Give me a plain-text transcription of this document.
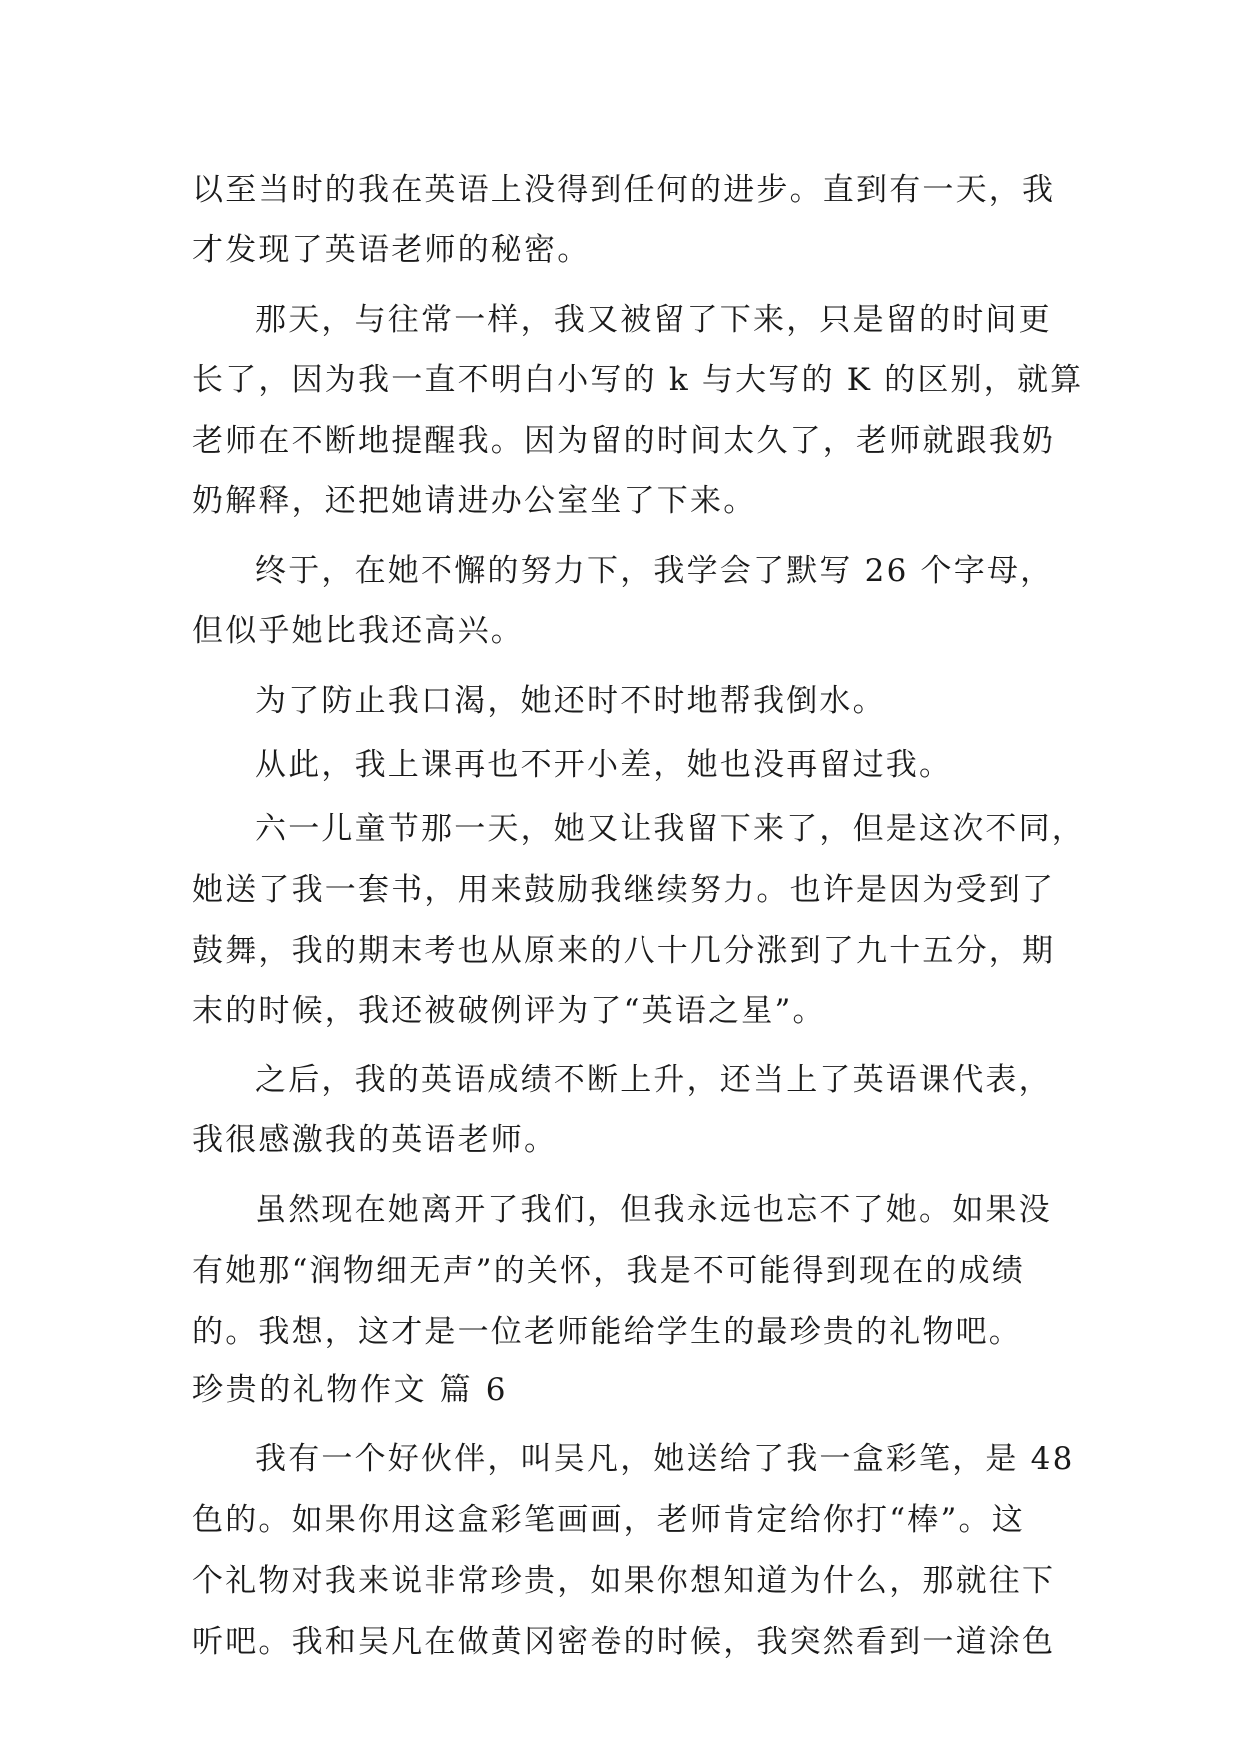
以至当时的我在英语上没得到任何的进步。直到有一天，我
才发现了英语老师的秘密。
那天，与往常一样，我又被留了下来，只是留的时间更
长了，因为我一直不明白小写的 k 与大写的 K 的区别，就算
老师在不断地提醒我。因为留的时间太久了，老师就跟我奶
奶解释，还把她请进办公室坐了下来。
终于，在她不懈的努力下，我学会了默写 26 个字母，
但似乎她比我还高兴。
为了防止我口渴，她还时不时地帮我倒水。
从此，我上课再也不开小差，她也没再留过我。
六一儿童节那一天，她又让我留下来了，但是这次不同，
她送了我一套书，用来鼓励我继续努力。也许是因为受到了
鼓舞，我的期末考也从原来的八十几分涨到了九十五分，期
末的时候，我还被破例评为了“英语之星”。
之后，我的英语成绩不断上升，还当上了英语课代表，
我很感激我的英语老师。
虽然现在她离开了我们，但我永远也忘不了她。如果没
有她那“润物细无声”的关怀，我是不可能得到现在的成绩
的。我想，这才是一位老师能给学生的最珍贵的礼物吧。
珍贵的礼物作文 篇 6
我有一个好伙伴，叫吴凡，她送给了我一盒彩笔，是 48
色的。如果你用这盒彩笔画画，老师肯定给你打“棒”。这
个礼物对我来说非常珍贵，如果你想知道为什么，那就往下
听吧。我和吴凡在做黄冈密卷的时候，我突然看到一道涂色
